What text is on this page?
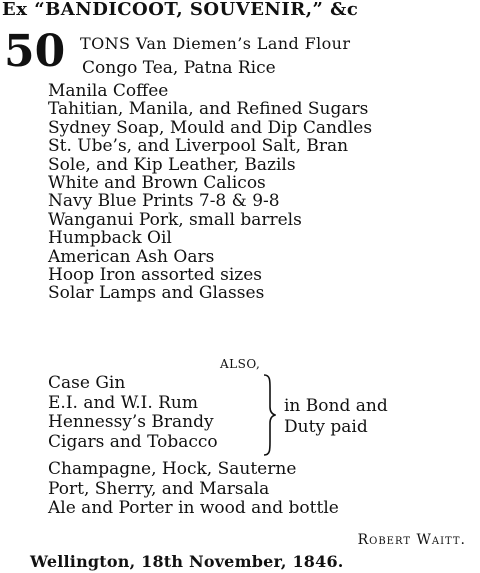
Ex “BANDICOOT, SOUVENIR,” &c
50 TONS Van Diemen’s Land Flour
Congo Tea, Patna Rice
Manila Coffee
Tahitian, Manila, and Refined Sugars
Sydney Soap, Mould and Dip Candles
St. Ube’s, and Liverpool Salt, Bran
Sole, and Kip Leather, Bazils
White and Brown Calicos
Navy Blue Prints 7-8 & 9-8
Wanganui Pork, small barrels
Humpback Oil
American Ash Oars
Hoop Iron assorted sizes
Solar Lamps and Glasses
ALSO,
Case Gin
E.I. and W.I. Rum
Hennessy’s Brandy
Cigars and Tobacco
in Bond and
Duty paid
Champagne, Hock, Sauterne
Port, Sherry, and Marsala
Ale and Porter in wood and bottle
Robert Waitt.
Wellington, 18th November, 1846.
